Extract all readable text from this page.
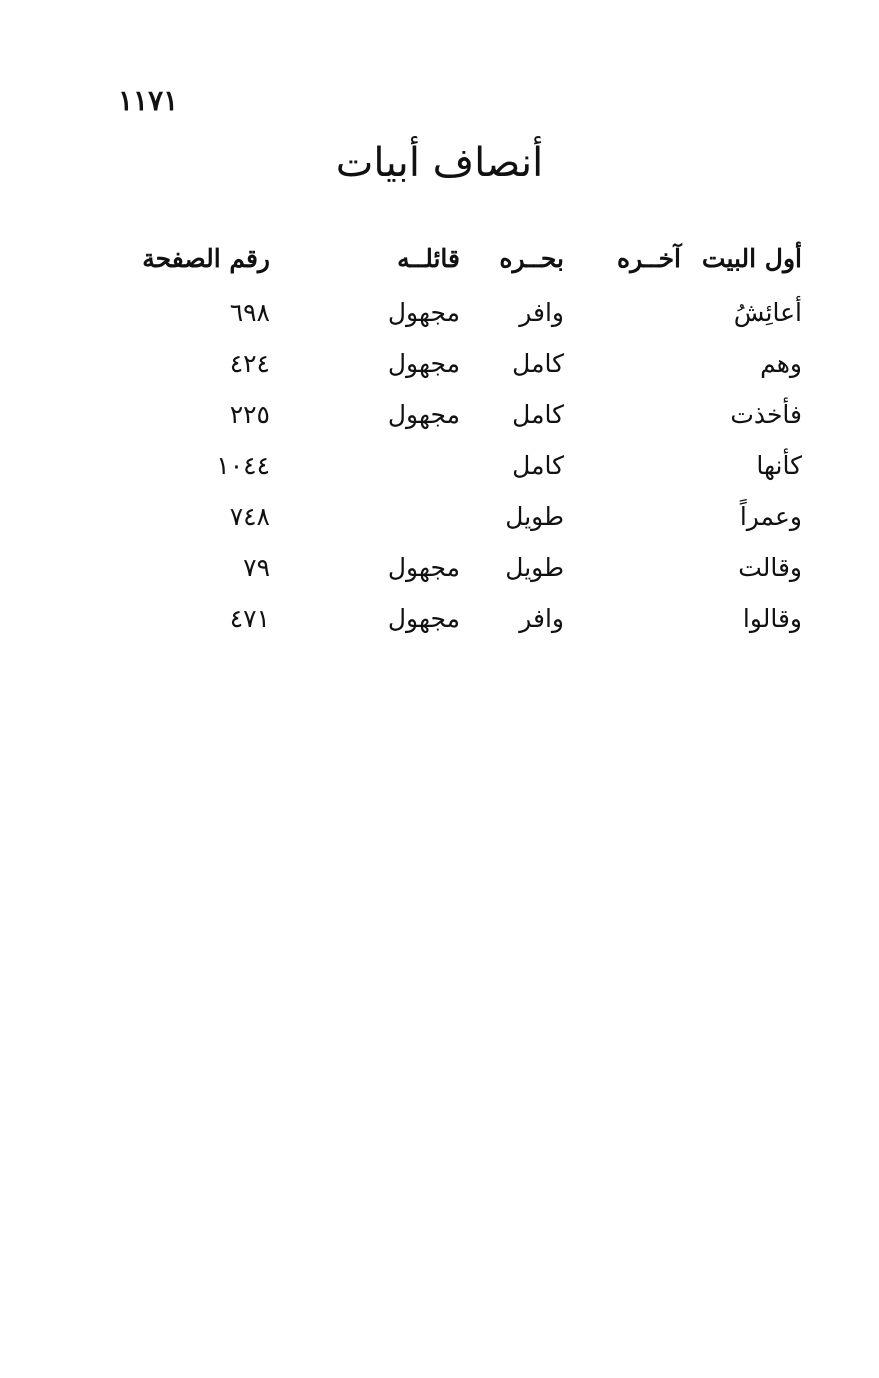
١١٧١
أنصاف أبيات
أول البيت
آخــره
بحــره
قائلــه
رقم الصفحة
أعائِشُ
وافر
مجهول
٦٩٨
وهم
كامل
مجهول
٤٢٤
فأخذت
كامل
مجهول
٢٢٥
كأنها
كامل
١٠٤٤
وعمراً
طويل
٧٤٨
وقالت
طويل
مجهول
٧٩
وقالوا
وافر
مجهول
٤٧١
